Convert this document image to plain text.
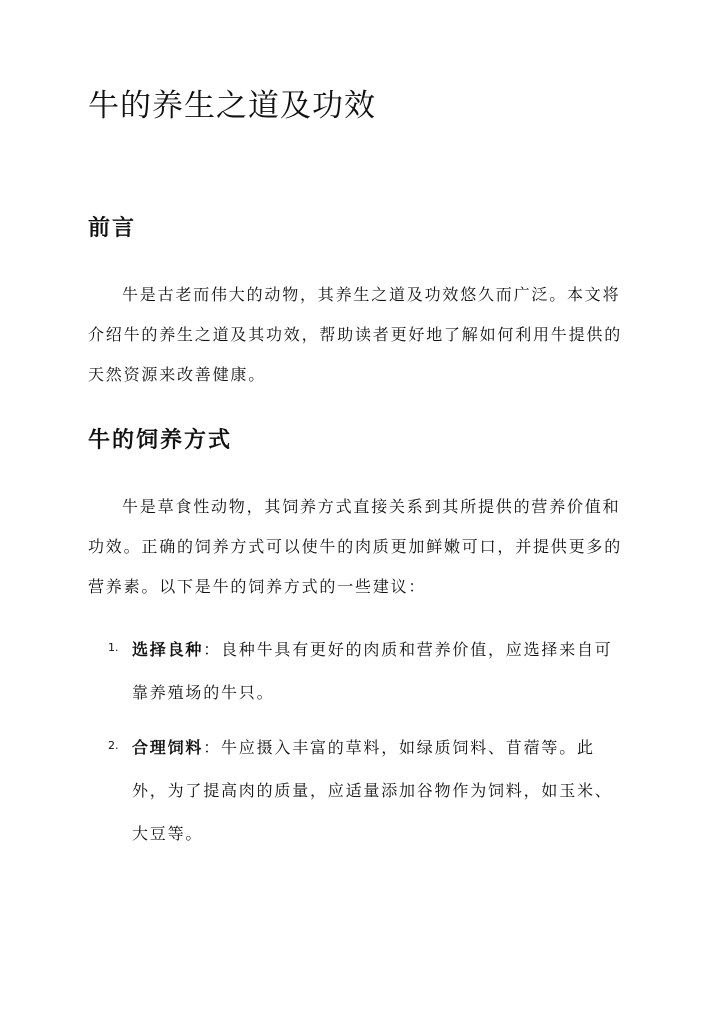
牛的养生之道及功效
前言

牛是古老而伟大的动物，其养生之道及功效悠久而广泛。本文将介绍牛的养生之道及其功效，帮助读者更好地了解如何利用牛提供的天然资源来改善健康。

牛的饲养方式

牛是草食性动物，其饲养方式直接关系到其所提供的营养价值和功效。正确的饲养方式可以使牛的肉质更加鲜嫩可口，并提供更多的营养素。以下是牛的饲养方式的一些建议：

1. 选择良种：良种牛具有更好的肉质和营养价值，应选择来自可靠养殖场的牛只。

2. 合理饲料：牛应摄入丰富的草料，如绿质饲料、苜蓿等。此外，为了提高肉的质量，应适量添加谷物作为饲料，如玉米、大豆等。
